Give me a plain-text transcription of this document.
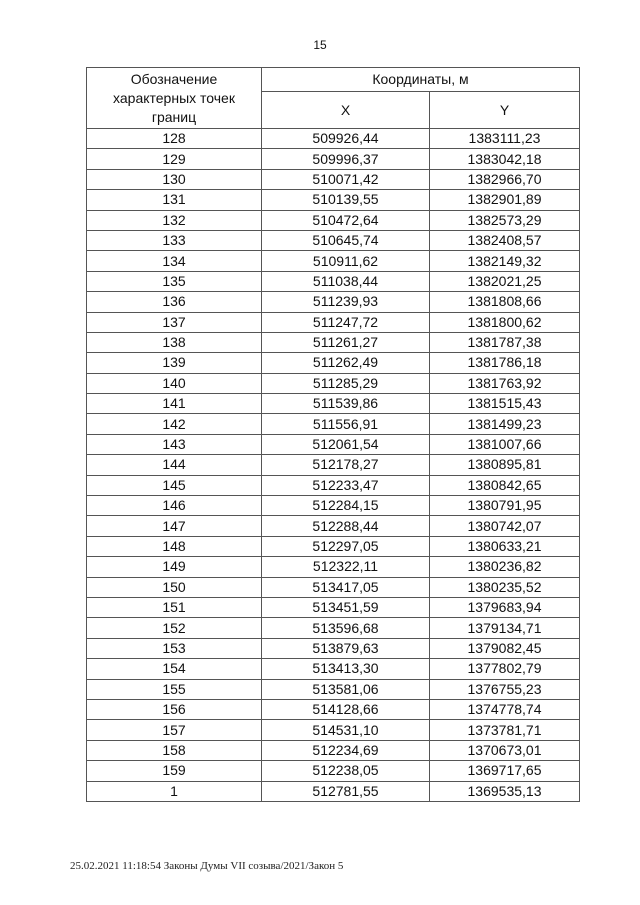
15
Обозначение характерных точек границ	Координаты, м	
	X	Y
128	509926,44	1383111,23
129	509996,37	1383042,18
130	510071,42	1382966,70
131	510139,55	1382901,89
132	510472,64	1382573,29
133	510645,74	1382408,57
134	510911,62	1382149,32
135	511038,44	1382021,25
136	511239,93	1381808,66
137	511247,72	1381800,62
138	511261,27	1381787,38
139	511262,49	1381786,18
140	511285,29	1381763,92
141	511539,86	1381515,43
142	511556,91	1381499,23
143	512061,54	1381007,66
144	512178,27	1380895,81
145	512233,47	1380842,65
146	512284,15	1380791,95
147	512288,44	1380742,07
148	512297,05	1380633,21
149	512322,11	1380236,82
150	513417,05	1380235,52
151	513451,59	1379683,94
152	513596,68	1379134,71
153	513879,63	1379082,45
154	513413,30	1377802,79
155	513581,06	1376755,23
156	514128,66	1374778,74
157	514531,10	1373781,71
158	512234,69	1370673,01
159	512238,05	1369717,65
1	512781,55	1369535,13
25.02.2021 11:18:54 Законы Думы VII созыва/2021/Закон 5
